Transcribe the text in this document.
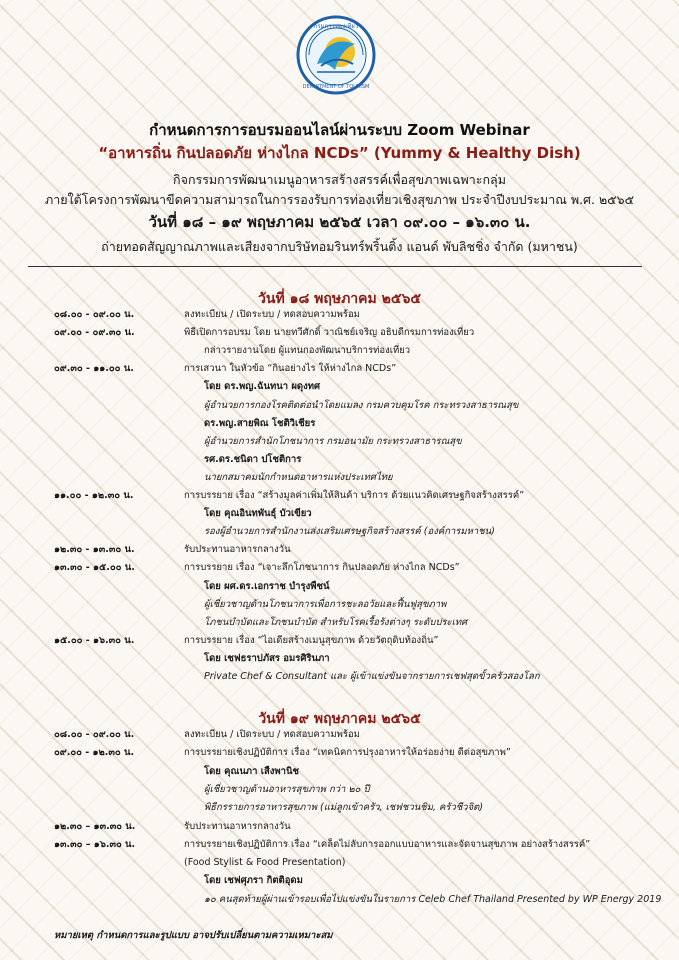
กรมการท่องเที่ยว
DEPARTMENT OF TOURISM
กำหนดการการอบรมออนไลน์ผ่านระบบ Zoom Webinar
“อาหารถิ่น กินปลอดภัย ห่างไกล NCDs” (Yummy & Healthy Dish)
กิจกรรมการพัฒนาเมนูอาหารสร้างสรรค์เพื่อสุขภาพเฉพาะกลุ่ม
ภายใต้โครงการพัฒนาขีดความสามารถในการรองรับการท่องเที่ยวเชิงสุขภาพ ประจำปีงบประมาณ พ.ศ. ๒๕๖๕
วันที่ ๑๘ – ๑๙ พฤษภาคม ๒๕๖๕ เวลา ๐๙.๐๐ – ๑๖.๓๐ น.
ถ่ายทอดสัญญาณภาพและเสียงจากบริษัทอมรินทร์พริ้นติ้ง แอนด์ พับลิชชิ่ง จำกัด (มหาชน)
วันที่ ๑๘ พฤษภาคม ๒๕๖๕
๐๘.๐๐ - ๐๙.๐๐ น.	ลงทะเบียน / เปิดระบบ / ทดสอบความพร้อม
๐๙.๐๐ - ๐๙.๓๐ น.	พิธีเปิดการอบรม โดย นายทวีศักดิ์ วาณิชย์เจริญ อธิบดีกรมการท่องเที่ยว
กล่าวรายงานโดย ผู้แทนกองพัฒนาบริการท่องเที่ยว
๐๙.๓๐ - ๑๑.๐๐ น.	การเสวนา ในหัวข้อ “กินอย่างไร ให้ห่างไกล NCDs”
โดย ดร.พญ.ฉันทนา ผดุงทศ
ผู้อำนวยการกองโรคติดต่อนำโดยแมลง กรมควบคุมโรค กระทรวงสาธารณสุข
ดร.พญ.สายพิณ โชติวิเชียร
ผู้อำนวยการสำนักโภชนาการ กรมอนามัย กระทรวงสาธารณสุข
รศ.ดร.ชนิดา ปโชติการ
นายกสมาคมนักกำหนดอาหารแห่งประเทศไทย
๑๑.๐๐ - ๑๒.๓๐ น.	การบรรยาย เรื่อง “สร้างมูลค่าเพิ่มให้สินค้า บริการ ด้วยแนวคิดเศรษฐกิจสร้างสรรค์”
โดย คุณอินทพันธุ์ บัวเขียว
รองผู้อำนวยการสำนักงานส่งเสริมเศรษฐกิจสร้างสรรค์ (องค์การมหาชน)
๑๒.๓๐ - ๑๓.๓๐ น.	รับประทานอาหารกลางวัน
๑๓.๓๐ - ๑๕.๐๐ น.	การบรรยาย เรื่อง “เจาะลึกโภชนาการ กินปลอดภัย ห่างไกล NCDs”
โดย ผศ.ดร.เอกราช บำรุงพืชน์
ผู้เชี่ยวชาญด้านโภชนาการเพื่อการชะลอวัยและฟื้นฟูสุขภาพ
โภชนบำบัดและโภชนบำบัด สำหรับโรคเรื้อรังต่างๆ ระดับประเทศ
๑๕.๐๐ - ๑๖.๓๐ น.	การบรรยาย เรื่อง “ไอเดียสร้างเมนูสุขภาพ ด้วยวัตถุดิบท้องถิ่น”
โดย เชฟธราปภัสร อมรศิรินภา
Private Chef & Consultant และ ผู้เข้าแข่งขันจากรายการเชฟสุดขั้วครัวสองโลก
วันที่ ๑๙ พฤษภาคม ๒๕๖๕
๐๘.๐๐ - ๐๙.๐๐ น.	ลงทะเบียน / เปิดระบบ / ทดสอบความพร้อม
๐๙.๐๐ - ๑๒.๓๐ น.	การบรรยายเชิงปฏิบัติการ เรื่อง “เทคนิคการปรุงอาหารให้อร่อยง่าย ดีต่อสุขภาพ”
โดย คุณนภา เสืงพานิช
ผู้เชี่ยวชาญด้านอาหารสุขภาพ กว่า ๒๐ ปี
พิธีกรรายการอาหารสุขภาพ (แม่ลูกเข้าครัว, เชฟชวนชิม, ครัวชีวจิต)
๑๒.๓๐ – ๑๓.๓๐ น.	รับประทานอาหารกลางวัน
๑๓.๓๐ – ๑๖.๓๐ น.	การบรรยายเชิงปฏิบัติการ เรื่อง “เคล็ดไม่ลับการออกแบบอาหารและจัดจานสุขภาพ อย่างสร้างสรรค์”
(Food Stylist & Food Presentation)
โดย เชฟศุภรา กิตติอุดม
๑๐ คนสุดท้ายผู้ผ่านเข้ารอบเพื่อไปแข่งขันในรายการ Celeb Chef Thailand Presented by WP Energy 2019
หมายเหตุ กำหนดการและรูปแบบ อาจปรับเปลี่ยนตามความเหมาะสม
